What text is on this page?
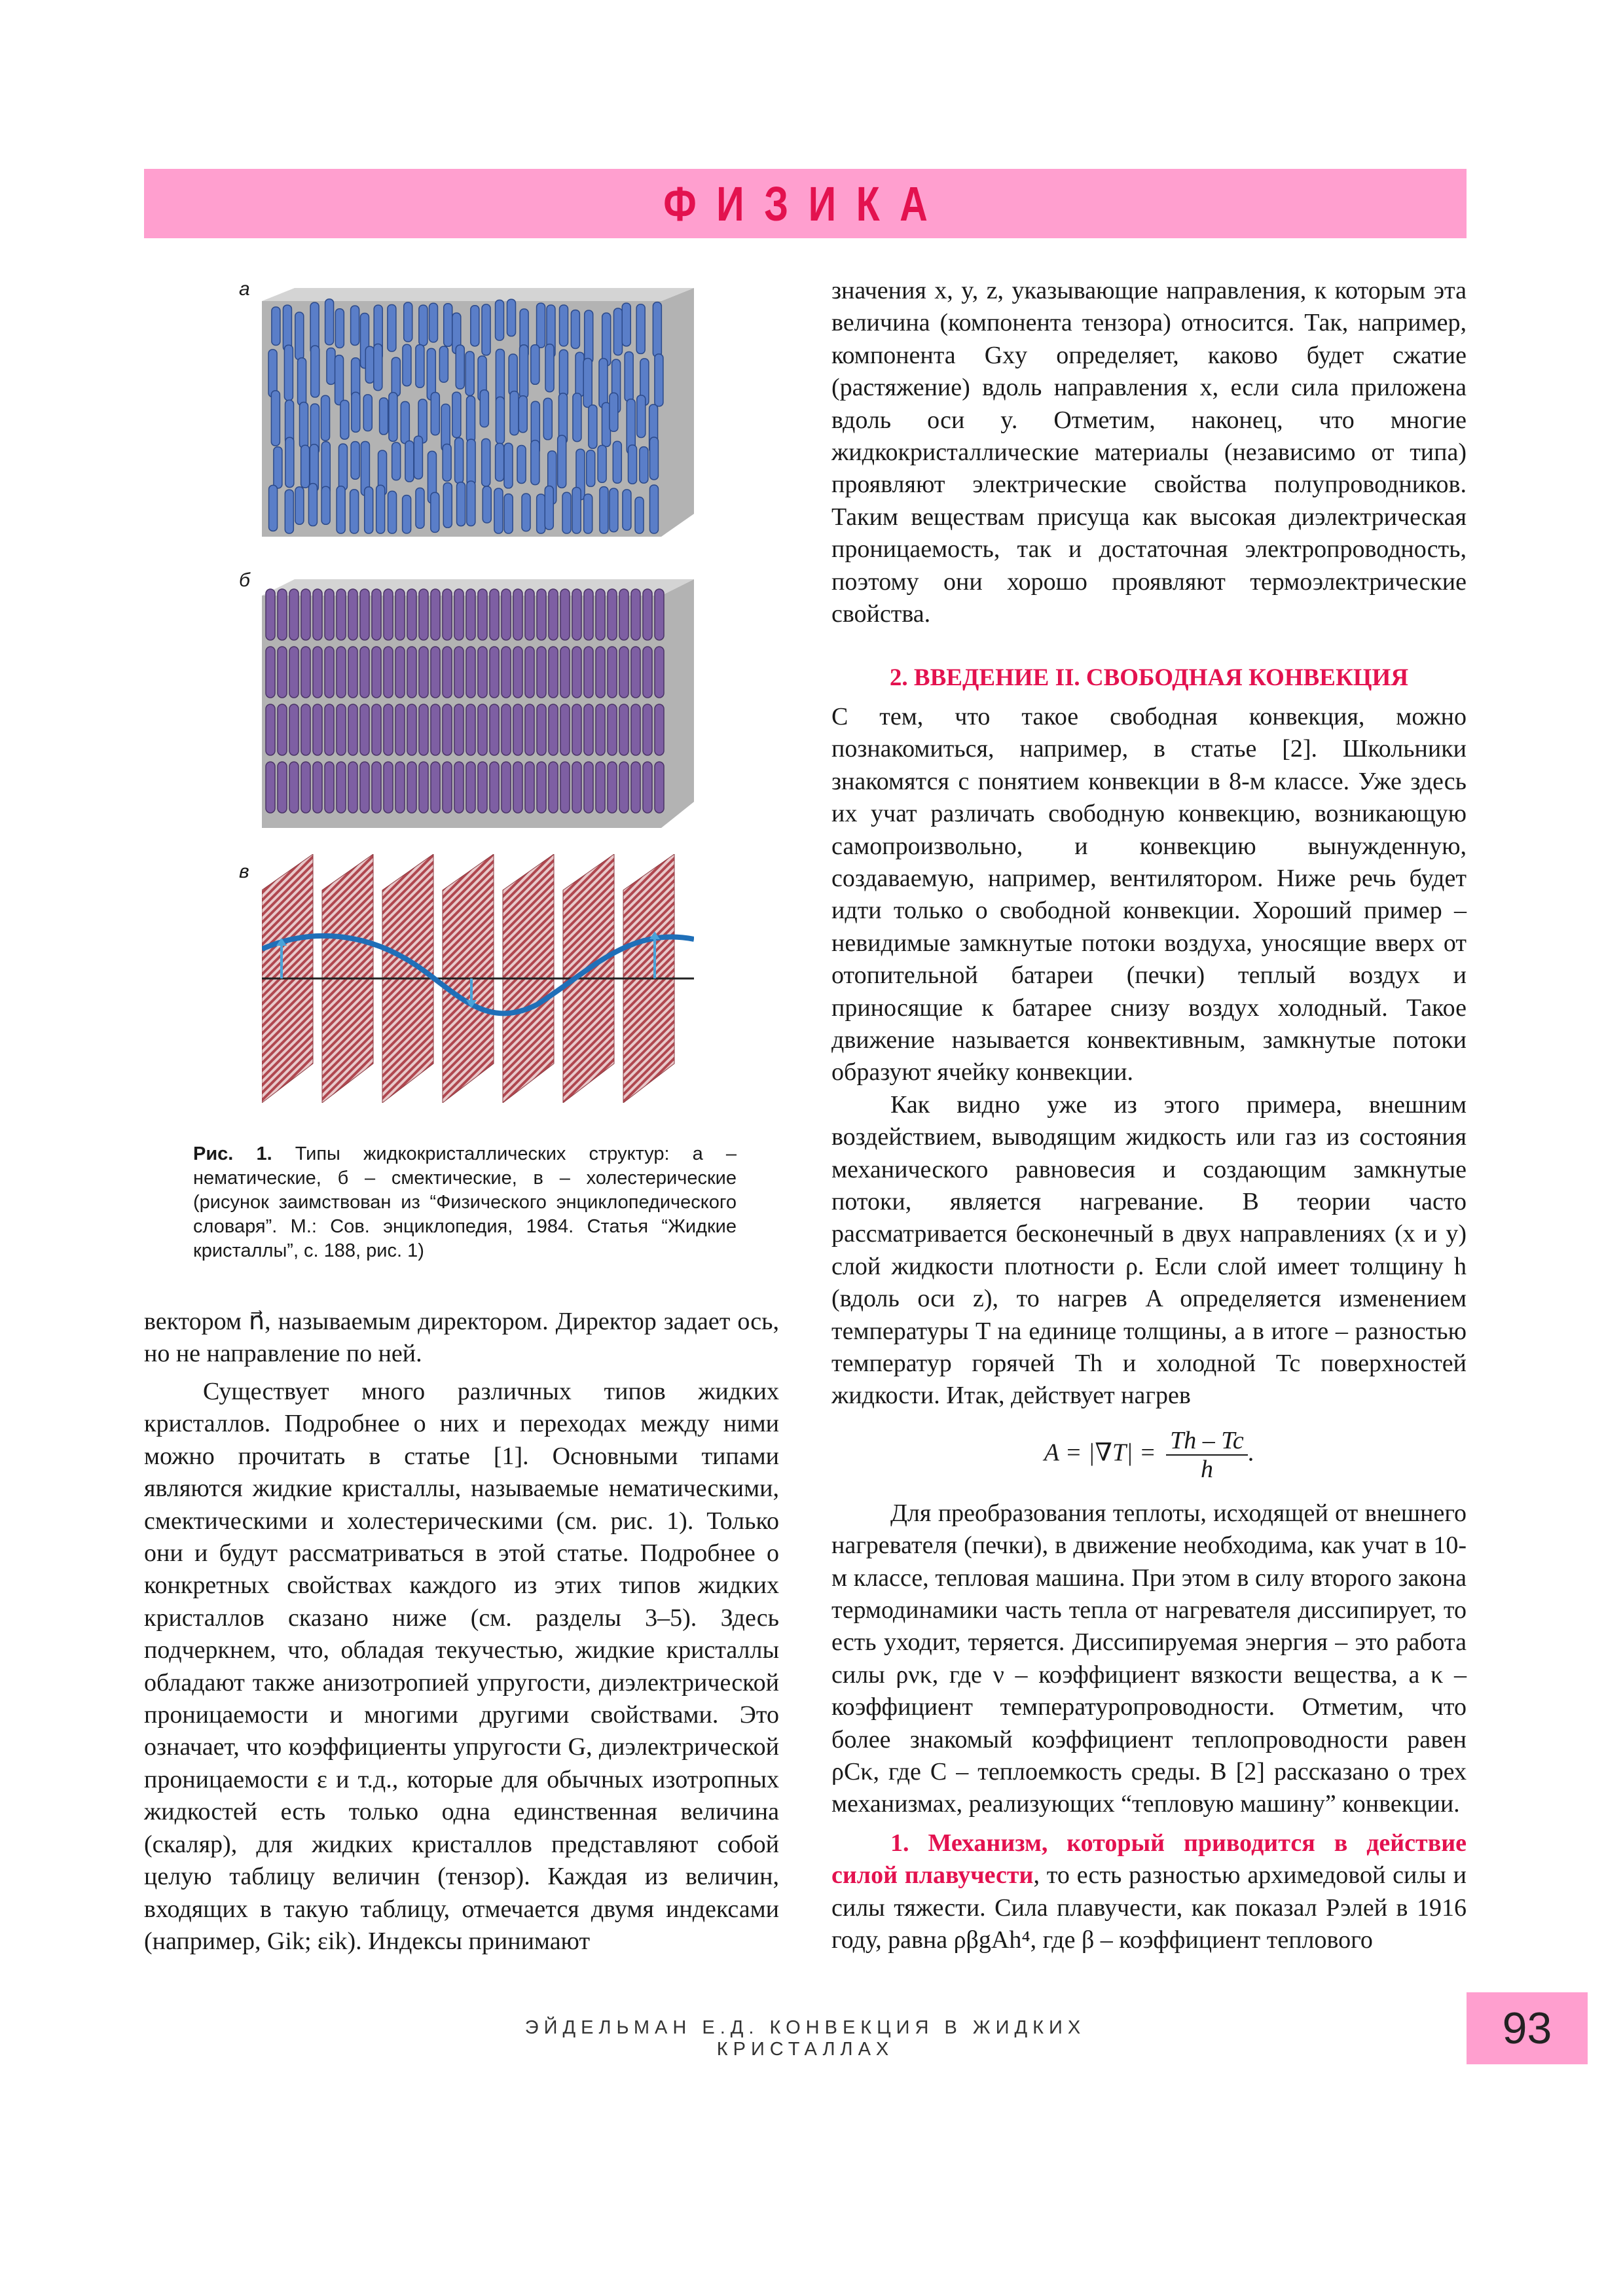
ФИЗИКА
а
б
в
Рис. 1. Типы жидкокристаллических структур: а – нематические, б – смектические, в – холестерические (рисунок заимствован из “Физического энциклопедического словаря”. М.: Сов. энциклопедия, 1984. Статья “Жидкие кристаллы”, с. 188, рис. 1)

вектором n⃗, называемым директором. Директор задает ось, но не направление по ней.

Существует много различных типов жидких кристаллов. Подробнее о них и переходах между ними можно прочитать в статье [1]. Основными типами являются жидкие кристаллы, называемые нематическими, смектическими и холестерическими (см. рис. 1). Только они и будут рассматриваться в этой статье. Подробнее о конкретных свойствах каждого из этих типов жидких кристаллов сказано ниже (см. разделы 3–5). Здесь подчеркнем, что, обладая текучестью, жидкие кристаллы обладают также анизотропией упругости, диэлектрической проницаемости и многими другими свойствами. Это означает, что коэффициенты упругости G, диэлектрической проницаемости ε и т.д., которые для обычных изотропных жидкостей есть только одна единственная величина (скаляр), для жидких кристаллов представляют собой целую таблицу величин (тензор). Каждая из величин, входящих в такую таблицу, отмечается двумя индексами (например, Gik; εik). Индексы принимают

значения x, y, z, указывающие направления, к которым эта величина (компонента тензора) относится. Так, например, компонента Gxy определяет, каково будет сжатие (растяжение) вдоль направления x, если сила приложена вдоль оси y. Отметим, наконец, что многие жидкокристаллические материалы (независимо от типа) проявляют электрические свойства полупроводников. Таким веществам присуща как высокая диэлектрическая проницаемость, так и достаточная электропроводность, поэтому они хорошо проявляют термоэлектрические свойства.

2. ВВЕДЕНИЕ II. СВОБОДНАЯ КОНВЕКЦИЯ

С тем, что такое свободная конвекция, можно познакомиться, например, в статье [2]. Школьники знакомятся с понятием конвекции в 8-м классе. Уже здесь их учат различать свободную конвекцию, возникающую самопроизвольно, и конвекцию вынужденную, создаваемую, например, вентилятором. Ниже речь будет идти только о свободной конвекции. Хороший пример – невидимые замкнутые потоки воздуха, уносящие вверх от отопительной батареи (печки) теплый воздух и приносящие к батарее снизу воздух холодный. Такое движение называется конвективным, замкнутые потоки образуют ячейку конвекции.

Как видно уже из этого примера, внешним воздействием, выводящим жидкость или газ из состояния механического равновесия и создающим замкнутые потоки, является нагревание. В теории часто рассматривается бесконечный в двух направлениях (x и y) слой жидкости плотности ρ. Если слой имеет толщину h (вдоль оси z), то нагрев A определяется изменением температуры T на единице толщины, а в итоге – разностью температур горячей Th и холодной Tc поверхностей жидкости. Итак, действует нагрев

$A = |\nabla T| = \frac{Th - Tc}{h}$ .

Для преобразования теплоты, исходящей от внешнего нагревателя (печки), в движение необходима, как учат в 10-м классе, тепловая машина. При этом в силу второго закона термодинамики часть тепла от нагревателя диссипирует, то есть уходит, теряется. Диссипируемая энергия – это работа силы ρνκ, где ν – коэффициент вязкости вещества, а κ – коэффициент температуропроводности. Отметим, что более знакомый коэффициент теплопроводности равен ρCκ, где C – теплоемкость среды. В [2] рассказано о трех механизмах, реализующих “тепловую машину” конвекции.

1. Механизм, который приводится в действие силой плавучести, то есть разностью архимедовой силы и силы тяжести. Сила плавучести, как показал Рэлей в 1916 году, равна ρβgAh⁴, где β – коэффициент теплового

ЭЙДЕЛЬМАН Е.Д. КОНВЕКЦИЯ В ЖИДКИХ КРИСТАЛЛАХ	93
